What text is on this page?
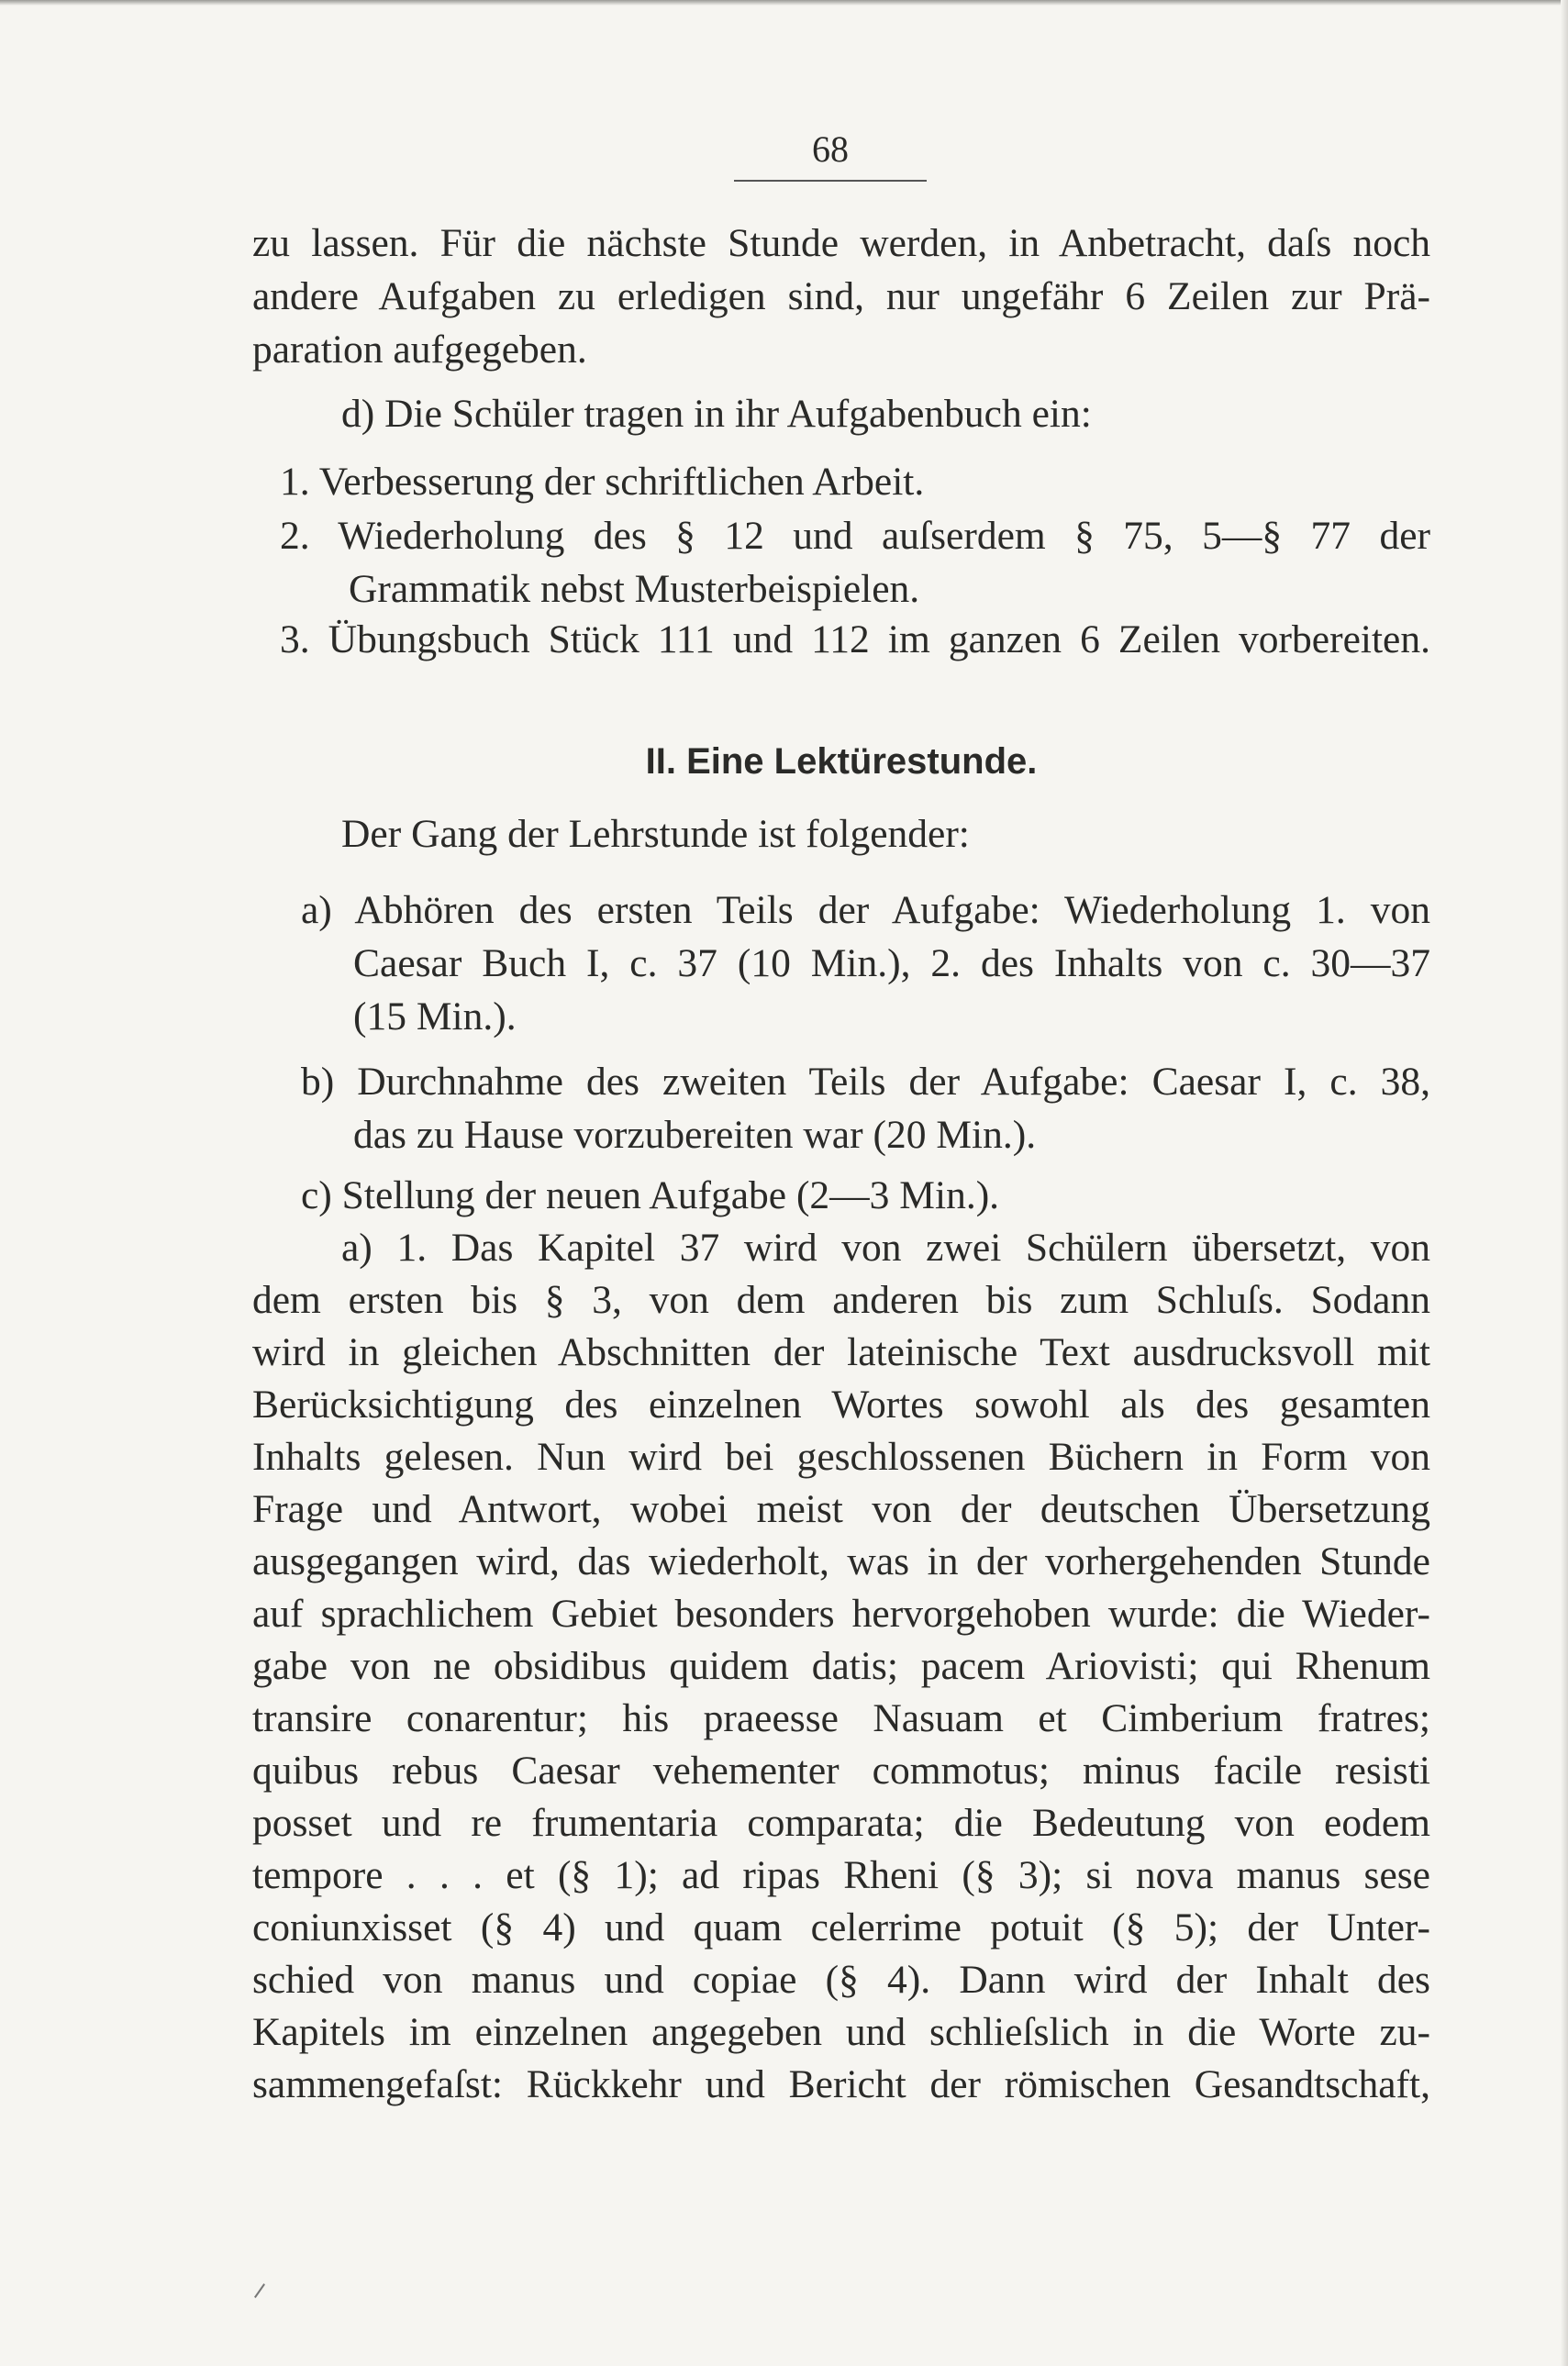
68
zu lassen. Für die nächste Stunde werden, in Anbetracht, daſs noch
andere Aufgaben zu erledigen sind, nur ungefähr 6 Zeilen zur Prä-
paration aufgegeben.
d) Die Schüler tragen in ihr Aufgabenbuch ein:
1. Verbesserung der schriftlichen Arbeit.
2. Wiederholung des § 12 und auſserdem § 75, 5—§ 77 der
Grammatik nebst Musterbeispielen.
3. Übungsbuch Stück 111 und 112 im ganzen 6 Zeilen vorbereiten.
II. Eine Lektürestunde.
Der Gang der Lehrstunde ist folgender:
a) Abhören des ersten Teils der Aufgabe: Wiederholung 1. von
Caesar Buch I, c. 37 (10 Min.), 2. des Inhalts von c. 30—37
(15 Min.).
b) Durchnahme des zweiten Teils der Aufgabe: Caesar I, c. 38,
das zu Hause vorzubereiten war (20 Min.).
c) Stellung der neuen Aufgabe (2—3 Min.).
a) 1. Das Kapitel 37 wird von zwei Schülern übersetzt, von
dem ersten bis § 3, von dem anderen bis zum Schluſs. Sodann
wird in gleichen Abschnitten der lateinische Text ausdrucksvoll mit
Berücksichtigung des einzelnen Wortes sowohl als des gesamten
Inhalts gelesen. Nun wird bei geschlossenen Büchern in Form von
Frage und Antwort, wobei meist von der deutschen Übersetzung
ausgegangen wird, das wiederholt, was in der vorhergehenden Stunde
auf sprachlichem Gebiet besonders hervorgehoben wurde: die Wieder-
gabe von ne obsidibus quidem datis; pacem Ariovisti; qui Rhenum
transire conarentur; his praeesse Nasuam et Cimberium fratres;
quibus rebus Caesar vehementer commotus; minus facile resisti
posset und re frumentaria comparata; die Bedeutung von eodem
tempore . . . et (§ 1); ad ripas Rheni (§ 3); si nova manus sese
coniunxisset (§ 4) und quam celerrime potuit (§ 5); der Unter-
schied von manus und copiae (§ 4). Dann wird der Inhalt des
Kapitels im einzelnen angegeben und schlieſslich in die Worte zu-
sammengefaſst: Rückkehr und Bericht der römischen Gesandtschaft,
